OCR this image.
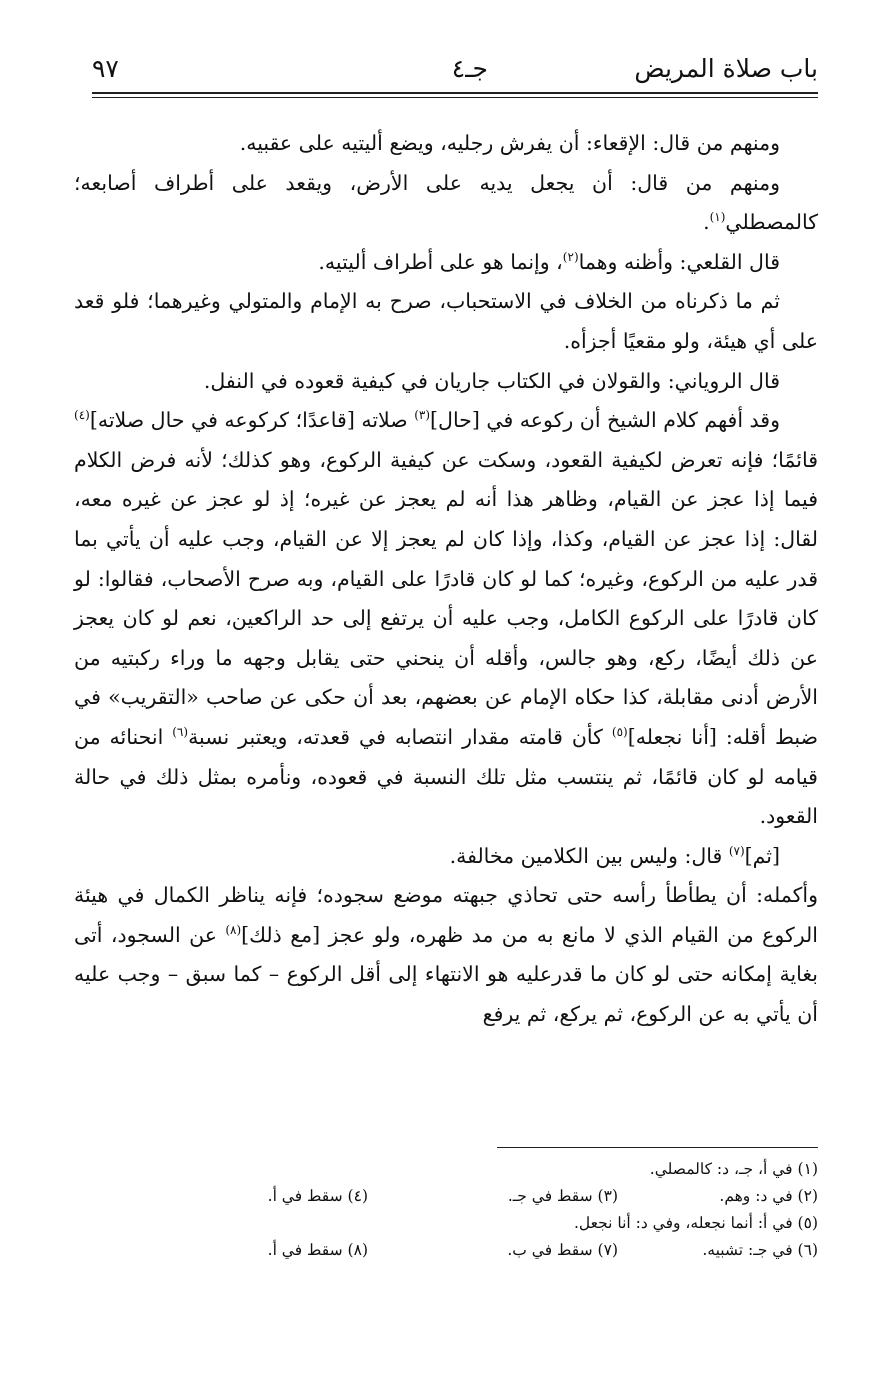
باب صلاة المريض
جـ٤
٩٧

ومنهم من قال: الإقعاء: أن يفرش رجليه، ويضع أليتيه على عقبيه.

ومنهم من قال: أن يجعل يديه على الأرض، ويقعد على أطراف أصابعه؛ كالمصطلي$^{(١)}$.

قال القلعي: وأظنه وهما$^{(٢)}$، وإنما هو على أطراف أليتيه.

ثم ما ذكرناه من الخلاف في الاستحباب، صرح به الإمام والمتولي وغيرهما؛ فلو قعد على أي هيئة، ولو مقعيًا أجزأه.

قال الروياني: والقولان في الكتاب جاريان في كيفية قعوده في النفل.

وقد أفهم كلام الشيخ أن ركوعه في [حال]$^{(٣)}$ صلاته [قاعدًا؛ كركوعه في حال صلاته]$^{(٤)}$ قائمًا؛ فإنه تعرض لكيفية القعود، وسكت عن كيفية الركوع، وهو كذلك؛ لأنه فرض الكلام فيما إذا عجز عن القيام، وظاهر هذا أنه لم يعجز عن غيره؛ إذ لو عجز عن غيره معه، لقال: إذا عجز عن القيام، وكذا، وإذا كان لم يعجز إلا عن القيام، وجب عليه أن يأتي بما قدر عليه من الركوع، وغيره؛ كما لو كان قادرًا على القيام، وبه صرح الأصحاب، فقالوا: لو كان قادرًا على الركوع الكامل، وجب عليه أن يرتفع إلى حد الراكعين، نعم لو كان يعجز عن ذلك أيضًا، ركع، وهو جالس، وأقله أن ينحني حتى يقابل وجهه ما وراء ركبتيه من الأرض أدنى مقابلة، كذا حكاه الإمام عن بعضهم، بعد أن حكى عن صاحب «التقريب» في ضبط أقله: [أنا نجعله]$^{(٥)}$ كأن قامته مقدار انتصابه في قعدته، ويعتبر نسبة$^{(٦)}$ انحنائه من قيامه لو كان قائمًا، ثم ينتسب مثل تلك النسبة في قعوده، ونأمره بمثل ذلك في حالة القعود.

[ثم]$^{(٧)}$ قال: وليس بين الكلامين مخالفة.

وأكمله: أن يطأطأ رأسه حتى تحاذي جبهته موضع سجوده؛ فإنه يناظر الكمال في هيئة الركوع من القيام الذي لا مانع به من مد ظهره، ولو عجز [مع ذلك]$^{(٨)}$ عن السجود، أتى بغاية إمكانه حتى لو كان ما قدرعليه هو الانتهاء إلى أقل الركوع – كما سبق – وجب عليه أن يأتي به عن الركوع، ثم يركع، ثم يرفع

(١) في أ، جـ، د: كالمصلي.
(٢) في د: وهم.
(٣) سقط في جـ.
(٤) سقط في أ.
(٥) في أ: أنما نجعله، وفي د: أنا نجعل.
(٦) في جـ: تشبيه.
(٧) سقط في ب.
(٨) سقط في أ.
